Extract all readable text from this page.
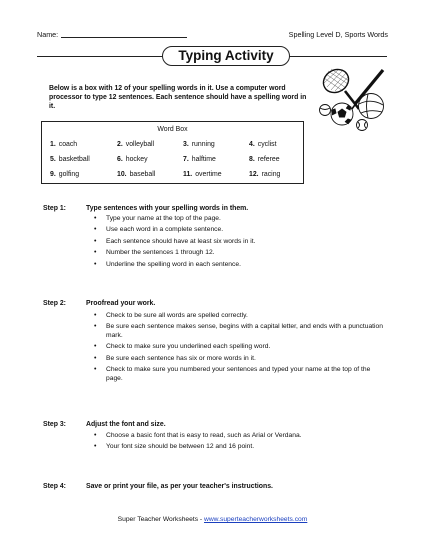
Name:	Spelling Level D, Sports Words
Typing Activity
Below is a box with 12 of your spelling words in it. Use a computer word processor to type 12 sentences. Each sentence should have a spelling word in it.
Word Box
1. coach	2. volleyball	3. running	4. cyclist
5. basketball	6. hockey	7. halftime	8. referee
9. golfing	10. baseball	11. overtime	12. racing
Step 1:	Type sentences with your spelling words in them.
• Type your name at the top of the page.
• Use each word in a complete sentence.
• Each sentence should have at least six words in it.
• Number the sentences 1 through 12.
• Underline the spelling word in each sentence.
Step 2:	Proofread your work.
• Check to be sure all words are spelled correctly.
• Be sure each sentence makes sense, begins with a capital letter, and ends with a punctuation mark.
• Check to make sure you underlined each spelling word.
• Be sure each sentence has six or more words in it.
• Check to make sure you numbered your sentences and typed your name at the top of the page.
Step 3:	Adjust the font and size.
• Choose a basic font that is easy to read, such as Arial or Verdana.
• Your font size should be between 12 and 16 point.
Step 4:	Save or print your file, as per your teacher's instructions.
Super Teacher Worksheets - www.superteacherworksheets.com
